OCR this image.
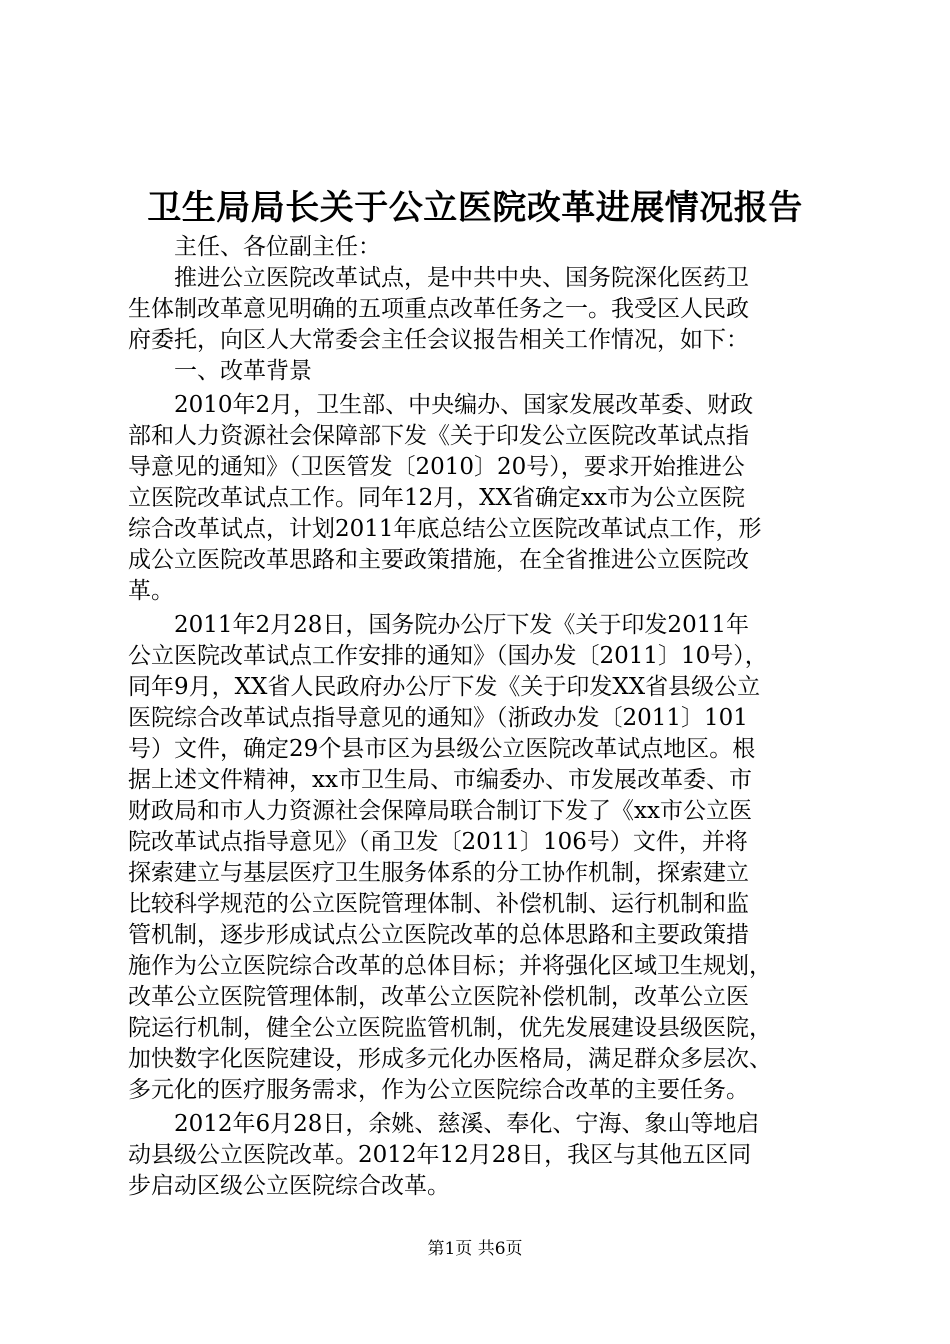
卫生局局长关于公立医院改革进展情况报告
　　主任、各位副主任：
　　推进公立医院改革试点，是中共中央、国务院深化医药卫
生体制改革意见明确的五项重点改革任务之一。我受区人民政
府委托，向区人大常委会主任会议报告相关工作情况，如下：
　　一、改革背景
　　2010年2月，卫生部、中央编办、国家发展改革委、财政
部和人力资源社会保障部下发《关于印发公立医院改革试点指
导意见的通知》（卫医管发〔2010〕20号），要求开始推进公
立医院改革试点工作。同年12月，XX省确定xx市为公立医院
综合改革试点，计划2011年底总结公立医院改革试点工作，形
成公立医院改革思路和主要政策措施，在全省推进公立医院改
革。
　　2011年2月28日，国务院办公厅下发《关于印发2011年
公立医院改革试点工作安排的通知》（国办发〔2011〕10号），
同年9月，XX省人民政府办公厅下发《关于印发XX省县级公立
医院综合改革试点指导意见的通知》（浙政办发〔2011〕101
号）文件，确定29个县市区为县级公立医院改革试点地区。根
据上述文件精神，xx市卫生局、市编委办、市发展改革委、市
财政局和市人力资源社会保障局联合制订下发了《xx市公立医
院改革试点指导意见》（甬卫发〔2011〕106号）文件，并将
探索建立与基层医疗卫生服务体系的分工协作机制，探索建立
比较科学规范的公立医院管理体制、补偿机制、运行机制和监
管机制，逐步形成试点公立医院改革的总体思路和主要政策措
施作为公立医院综合改革的总体目标；并将强化区域卫生规划，
改革公立医院管理体制，改革公立医院补偿机制，改革公立医
院运行机制，健全公立医院监管机制，优先发展建设县级医院，
加快数字化医院建设，形成多元化办医格局，满足群众多层次、
多元化的医疗服务需求，作为公立医院综合改革的主要任务。
　　2012年6月28日，余姚、慈溪、奉化、宁海、象山等地启
动县级公立医院改革。2012年12月28日，我区与其他五区同
步启动区级公立医院综合改革。
第1页 共6页
